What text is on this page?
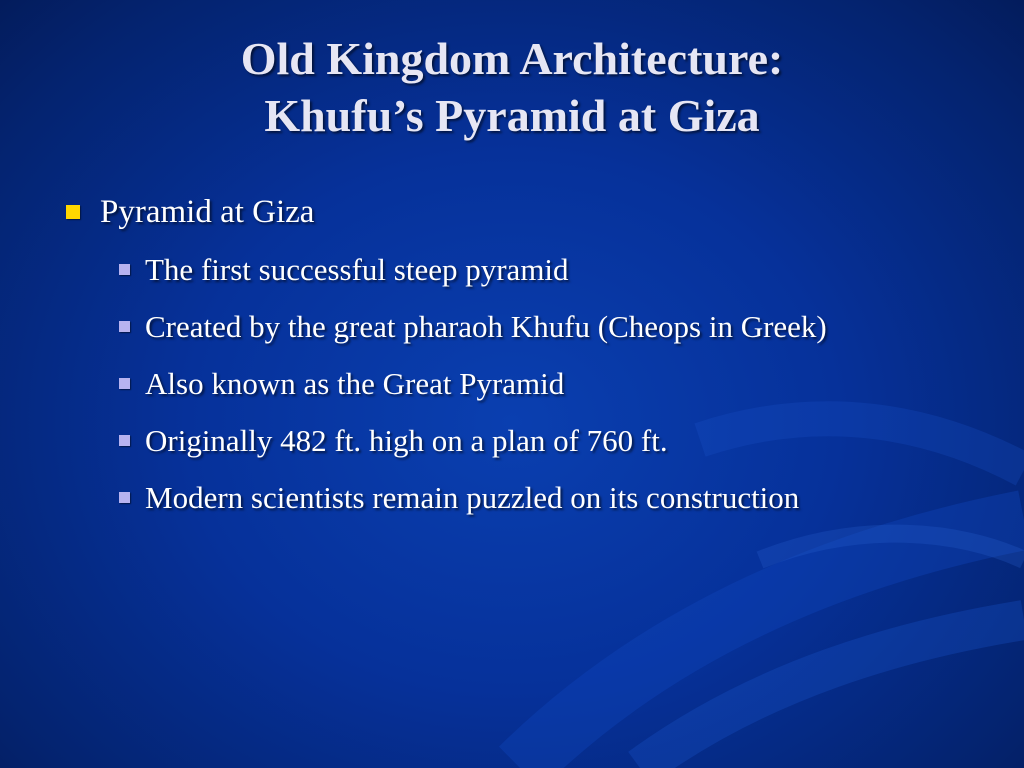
Old Kingdom Architecture:
Khufu’s Pyramid at Giza
Pyramid at Giza
The first successful steep pyramid
Created by the great pharaoh Khufu (Cheops in Greek)
Also known as the Great Pyramid
Originally 482 ft. high on a plan of 760 ft.
Modern scientists remain puzzled on its construction
